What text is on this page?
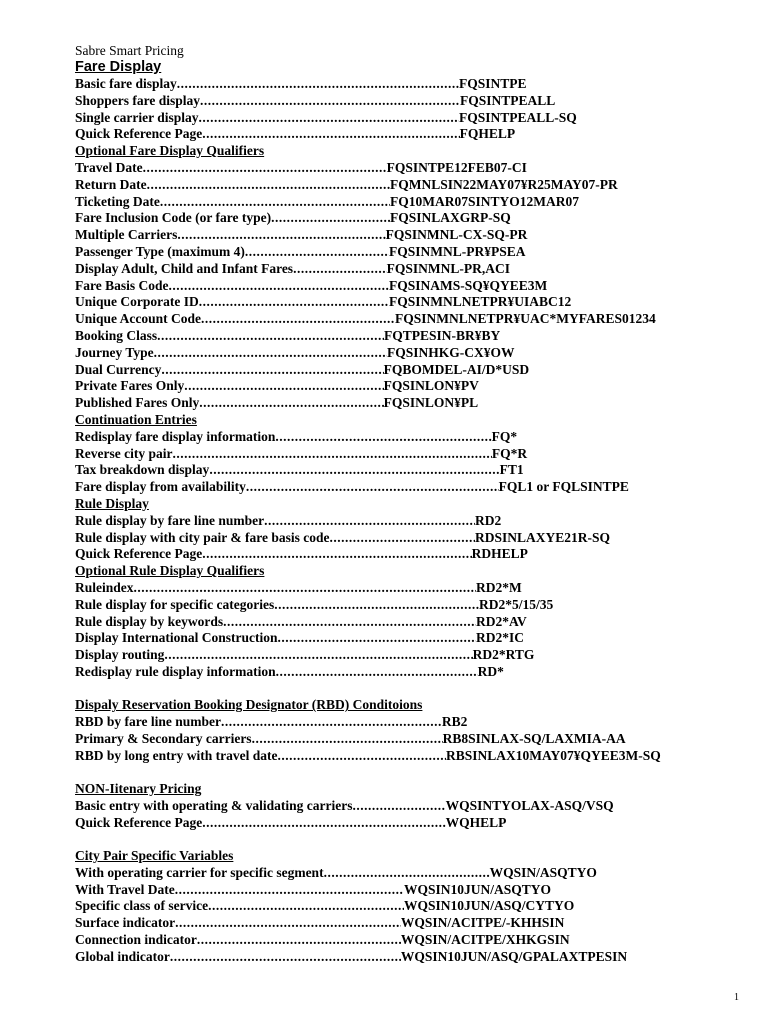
Sabre Smart Pricing
Fare Display
Basic fare display .....	FQSINTPE
Shoppers fare display .....	FQSINTPEALL
Single carrier display .....	FQSINTPEALL-SQ
Quick Reference Page .....	FQHELP
Optional Fare Display Qualifiers
Travel Date .....	FQSINTPE12FEB07-CI
Return Date .....	FQMNLSIN22MAY07¥R25MAY07-PR
Ticketing Date .....	FQ10MAR07SINTYO12MAR07
Fare Inclusion Code (or fare type) .....	FQSINLAXGRP-SQ
Multiple Carriers .....	FQSINMNL-CX-SQ-PR
Passenger Type (maximum 4) .....	FQSINMNL-PR¥PSEA
Display Adult, Child and Infant Fares .....	FQSINMNL-PR,ACI
Fare Basis Code .....	FQSINAMS-SQ¥QYEE3M
Unique Corporate ID .....	FQSINMNLNETPR¥UIABC12
Unique Account Code .....	FQSINMNLNETPR¥UAC*MYFARES01234
Booking Class .....	FQTPESIN-BR¥BY
Journey Type .....	FQSINHKG-CX¥OW
Dual Currency .....	FQBOMDEL-AI/D*USD
Private Fares Only .....	FQSINLON¥PV
Published Fares Only .....	FQSINLON¥PL
Continuation Entries
Redisplay fare display information .....	FQ*
Reverse city pair .....	FQ*R
Tax breakdown display .....	FT1
Fare display from availability .....	FQL1 or FQLSINTPE
Rule Display
Rule display by fare line number .....	RD2
Rule display with city pair & fare basis code .....	RDSINLAXYE21R-SQ
Quick Reference Page .....	RDHELP
Optional Rule Display Qualifiers
Ruleindex .....	RD2*M
Rule display for specific categories .....	RD2*5/15/35
Rule display by keywords .....	RD2*AV
Display International Construction .....	RD2*IC
Display routing .....	RD2*RTG
Redisplay rule display information .....	RD*
Dispaly Reservation Booking Designator (RBD) Conditoions
RBD by fare line number .....	RB2
Primary & Secondary carriers .....	RB8SINLAX-SQ/LAXMIA-AA
RBD by long entry with travel date .....	RBSINLAX10MAY07¥QYEE3M-SQ
NON-Iitenary Pricing
Basic entry with operating & validating carriers .....	WQSINTYOLAX-ASQ/VSQ
Quick Reference Page .....	WQHELP
City Pair Specific Variables
With operating carrier for specific segment .....	WQSIN/ASQTYO
With Travel Date .....	WQSIN10JUN/ASQTYO
Specific class of service .....	WQSIN10JUN/ASQ/CYTYO
Surface indicator .....	WQSIN/ACITPE/-KHHSIN
Connection indicator .....	WQSIN/ACITPE/XHKGSIN
Global indicator .....	WQSIN10JUN/ASQ/GPALAXTPESIN
1
